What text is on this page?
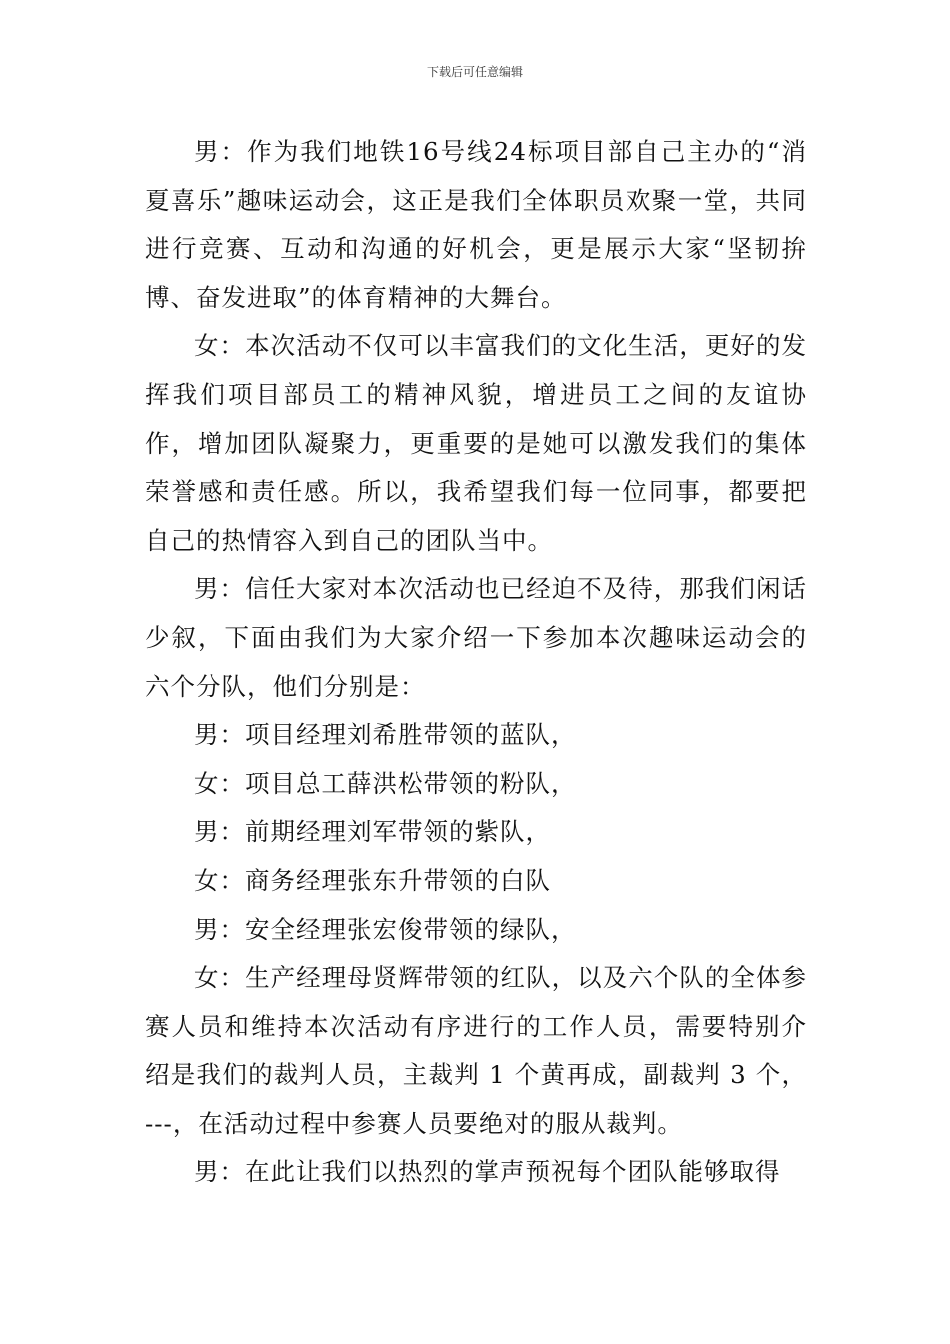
下载后可任意编辑

男：作为我们地铁16号线24标项目部自己主办的“消夏喜乐”趣味运动会，这正是我们全体职员欢聚一堂，共同进行竞赛、互动和沟通的好机会，更是展示大家“坚韧拚博、奋发进取”的体育精神的大舞台。

女：本次活动不仅可以丰富我们的文化生活，更好的发挥我们项目部员工的精神风貌，增进员工之间的友谊协作，增加团队凝聚力，更重要的是她可以激发我们的集体荣誉感和责任感。所以，我希望我们每一位同事，都要把自己的热情容入到自己的团队当中。

男：信任大家对本次活动也已经迫不及待，那我们闲话少叙，下面由我们为大家介绍一下参加本次趣味运动会的六个分队，他们分别是：

男：项目经理刘希胜带领的蓝队，

女：项目总工薛洪松带领的粉队，

男：前期经理刘军带领的紫队，

女：商务经理张东升带领的白队

男：安全经理张宏俊带领的绿队，

女：生产经理母贤辉带领的红队，以及六个队的全体参赛人员和维持本次活动有序进行的工作人员，需要特别介绍是我们的裁判人员，主裁判 1 个黄再成，副裁判 3 个，---，在活动过程中参赛人员要绝对的服从裁判。

男：在此让我们以热烈的掌声预祝每个团队能够取得
